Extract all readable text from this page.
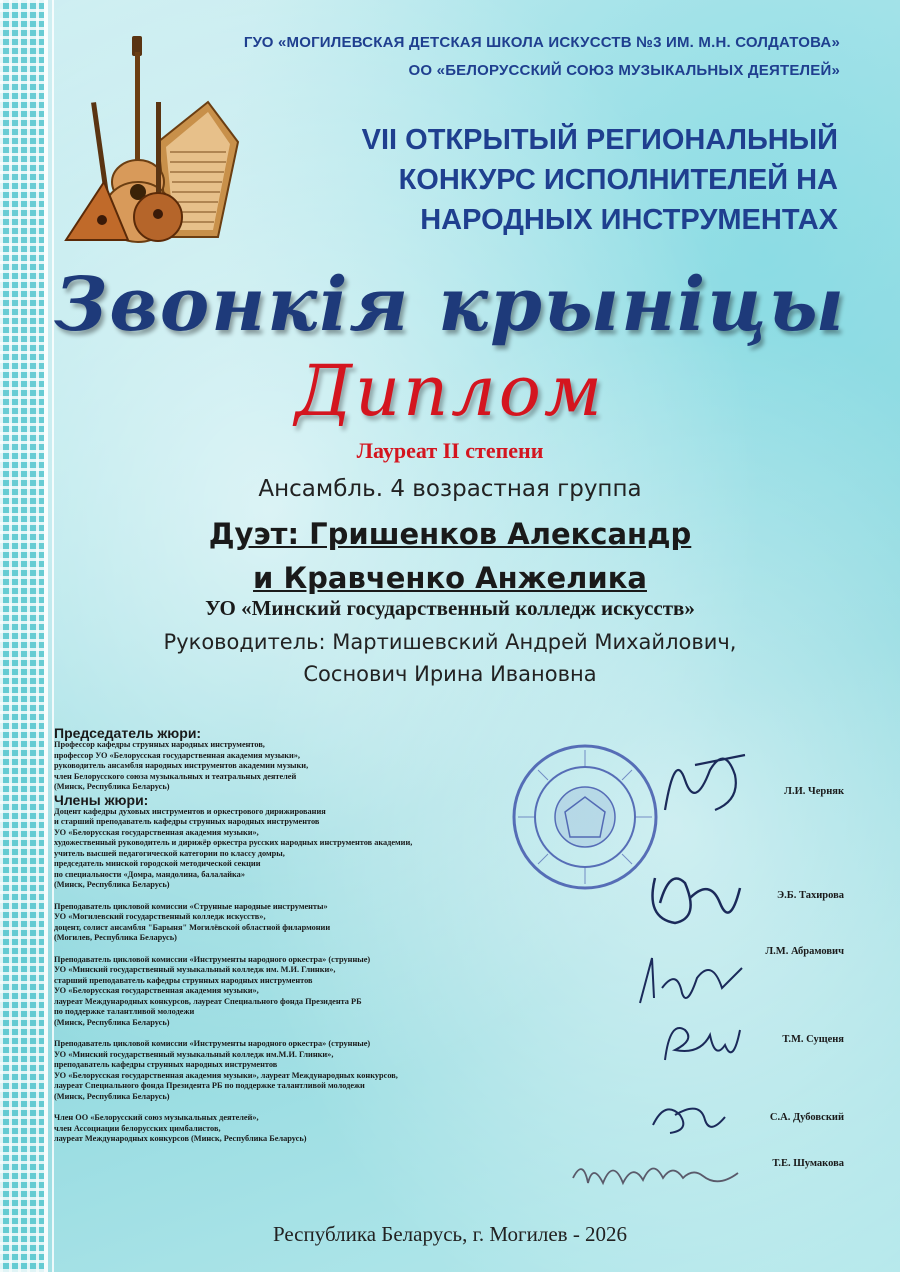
ГУО «МОГИЛЕВСКАЯ ДЕТСКАЯ ШКОЛА ИСКУССТВ №3 ИМ. М.Н. СОЛДАТОВА»
ОО «БЕЛОРУССКИЙ СОЮЗ МУЗЫКАЛЬНЫХ ДЕЯТЕЛЕЙ»
VII ОТКРЫТЫЙ РЕГИОНАЛЬНЫЙ
КОНКУРС ИСПОЛНИТЕЛЕЙ НА
НАРОДНЫХ ИНСТРУМЕНТАХ
Звонкія крыніцы
Диплом
Лауреат II степени
Ансамбль. 4 возрастная группа
Дуэт: Гришенков Александр
и Кравченко Анжелика
УО «Минский государственный колледж искусств»
Руководитель: Мартишевский Андрей Михайлович,
Соснович Ирина Ивановна
Председатель жюри:
Профессор кафедры струнных народных инструментов,
профессор УО «Белорусская государственная академия музыки»,
руководитель ансамбля народных инструментов академии музыки,
член Белорусского союза музыкальных и театральных деятелей
(Минск, Республика Беларусь)
Члены жюри:
Доцент кафедры духовых инструментов и оркестрового дирижирования
и старший преподаватель кафедры струнных народных инструментов
УО «Белорусская государственная академия музыки»,
художественный руководитель и дирижёр оркестра русских народных инструментов академии,
учитель высшей педагогической категории по классу домры,
председатель минской городской методической секции
по специальности «Домра, мандолина, балалайка»
(Минск, Республика Беларусь)
Преподаватель цикловой комиссии «Струнные народные инструменты»
УО «Могилевский государственный колледж искусств»,
доцент, солист ансамбля "Барыня" Могилёвской областной филармонии
(Могилев, Республика Беларусь)
Преподаватель цикловой комиссии «Инструменты народного оркестра» (струнные)
УО «Минский государственный музыкальный колледж им. М.И. Глинки»,
старший преподаватель кафедры струнных народных инструментов
УО «Белорусская государственная академия музыки»,
лауреат Международных конкурсов, лауреат Специального фонда Президента РБ
по поддержке талантливой молодежи
(Минск, Республика Беларусь)
Преподаватель цикловой комиссии «Инструменты народного оркестра» (струнные)
УО «Минский государственный музыкальный колледж им.М.И. Глинки»,
преподаватель кафедры струнных народных инструментов
УО «Белорусская государственная академия музыки», лауреат Международных конкурсов,
лауреат Специального фонда Президента РБ по поддержке талантливой молодежи
(Минск, Республика Беларусь)
Член ОО «Белорусский союз музыкальных деятелей»,
член Ассоциации белорусских цимбалистов,
лауреат Международных конкурсов (Минск, Республика Беларусь)
Л.И. Черняк
Э.Б. Тахирова
Л.М. Абрамович
Т.М. Сущеня
С.А. Дубовский
Т.Е. Шумакова
Республика Беларусь, г. Могилев - 2026
